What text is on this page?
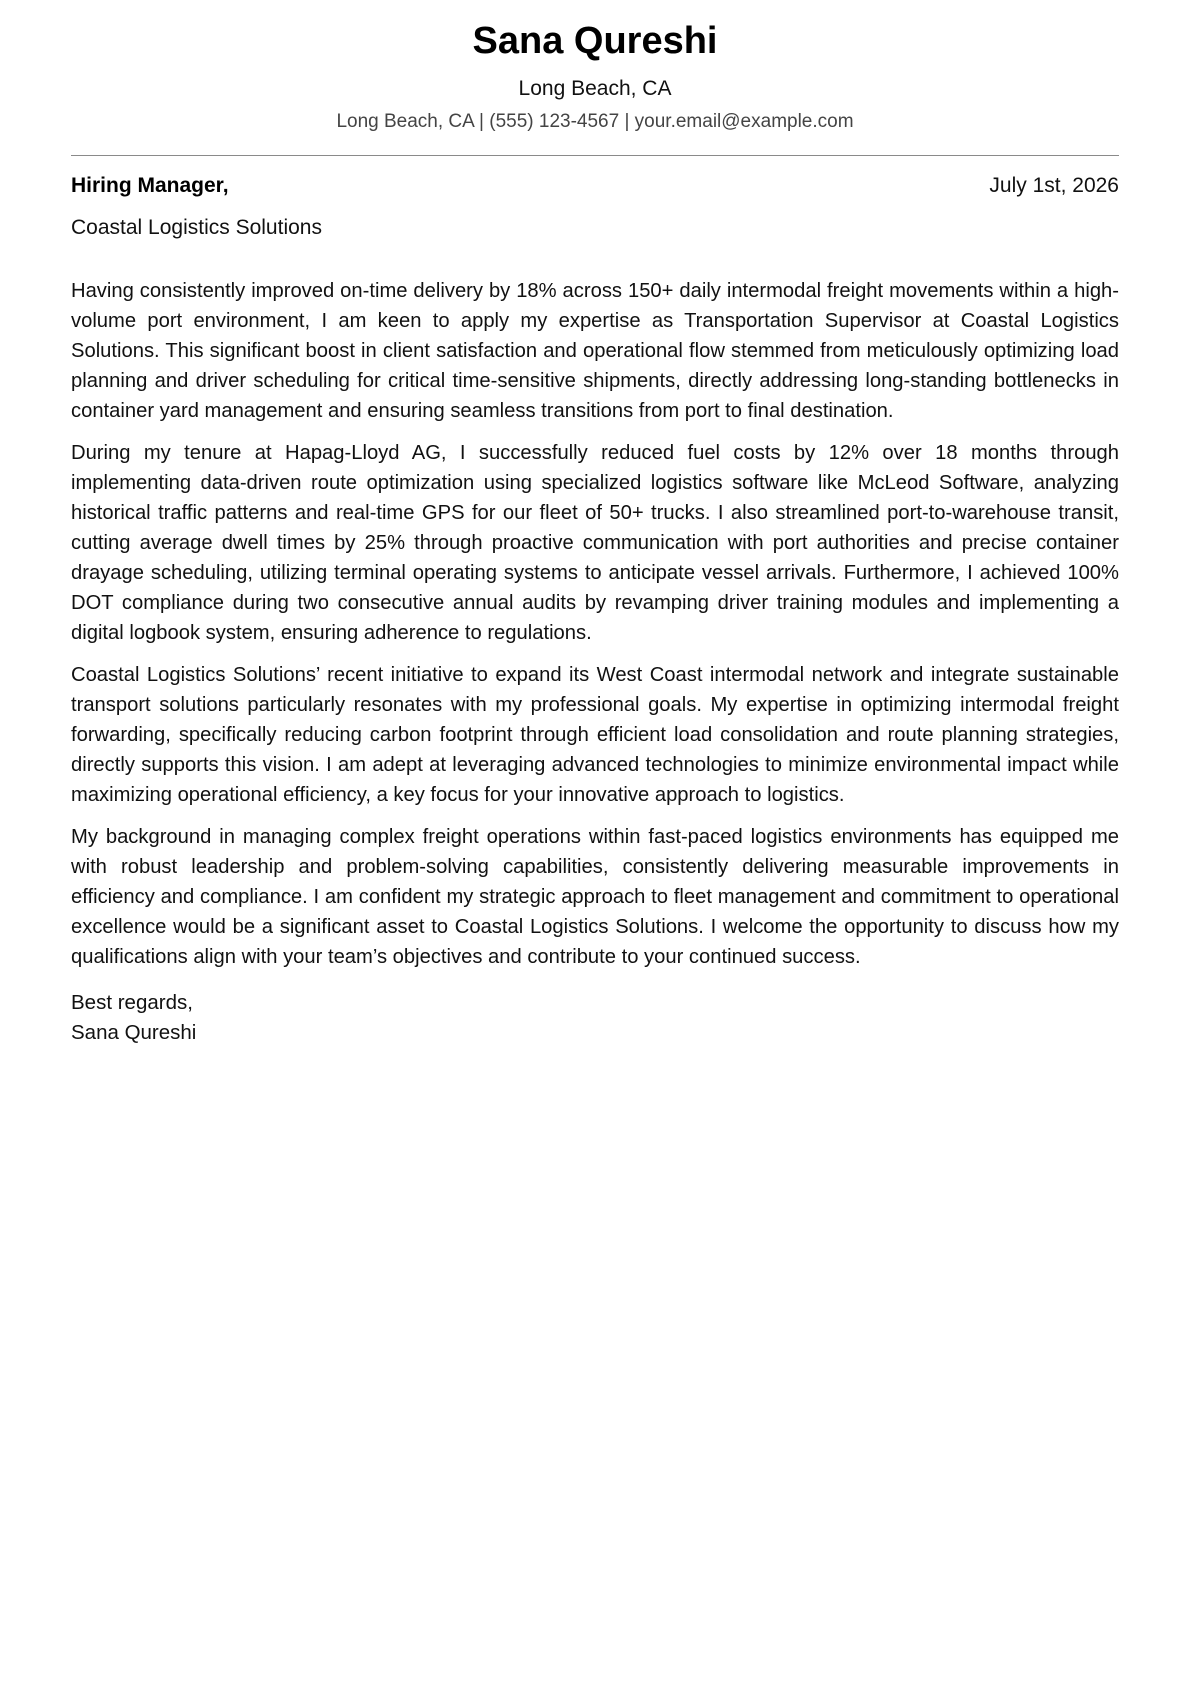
Sana Qureshi
Long Beach, CA
Long Beach, CA | (555) 123-4567 | your.email@example.com
Hiring Manager,	July 1st, 2026
Coastal Logistics Solutions

Having consistently improved on-time delivery by 18% across 150+ daily intermodal freight movements within a high-volume port environment, I am keen to apply my expertise as Transportation Supervisor at Coastal Logistics Solutions. This significant boost in client satisfaction and operational flow stemmed from meticulously optimizing load planning and driver scheduling for critical time-sensitive shipments, directly addressing long-standing bottlenecks in container yard management and ensuring seamless transitions from port to final destination.

During my tenure at Hapag-Lloyd AG, I successfully reduced fuel costs by 12% over 18 months through implementing data-driven route optimization using specialized logistics software like McLeod Software, analyzing historical traffic patterns and real-time GPS for our fleet of 50+ trucks. I also streamlined port-to-warehouse transit, cutting average dwell times by 25% through proactive communication with port authorities and precise container drayage scheduling, utilizing terminal operating systems to anticipate vessel arrivals. Furthermore, I achieved 100% DOT compliance during two consecutive annual audits by revamping driver training modules and implementing a digital logbook system, ensuring adherence to regulations.

Coastal Logistics Solutions’ recent initiative to expand its West Coast intermodal network and integrate sustainable transport solutions particularly resonates with my professional goals. My expertise in optimizing intermodal freight forwarding, specifically reducing carbon footprint through efficient load consolidation and route planning strategies, directly supports this vision. I am adept at leveraging advanced technologies to minimize environmental impact while maximizing operational efficiency, a key focus for your innovative approach to logistics.

My background in managing complex freight operations within fast-paced logistics environments has equipped me with robust leadership and problem-solving capabilities, consistently delivering measurable improvements in efficiency and compliance. I am confident my strategic approach to fleet management and commitment to operational excellence would be a significant asset to Coastal Logistics Solutions. I welcome the opportunity to discuss how my qualifications align with your team’s objectives and contribute to your continued success.

Best regards,
Sana Qureshi
